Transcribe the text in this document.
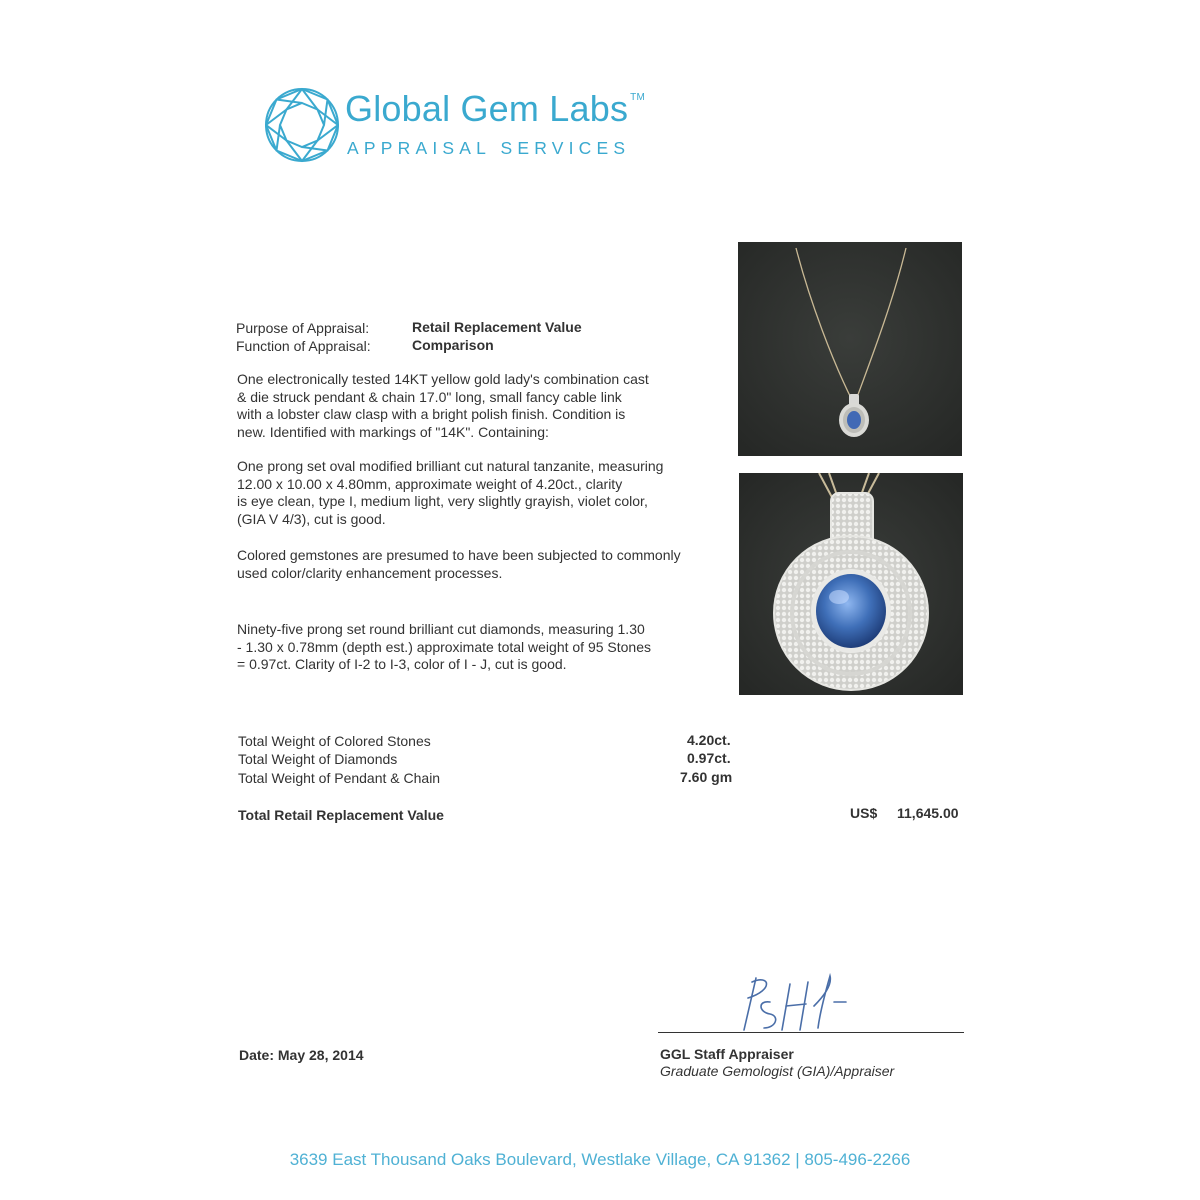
Global Gem Labs ™
APPRAISAL SERVICES
Purpose of Appraisal:	Retail Replacement Value
Function of Appraisal:	Comparison
One electronically tested 14KT yellow gold lady's combination cast
& die struck pendant & chain 17.0" long, small fancy cable link
with a lobster claw clasp with a bright polish finish. Condition is
new. Identified with markings of "14K". Containing:
One prong set oval modified brilliant cut natural tanzanite, measuring
12.00 x 10.00 x 4.80mm, approximate weight of 4.20ct., clarity
is eye clean, type I, medium light, very slightly grayish, violet color,
(GIA V 4/3), cut is good.
Colored gemstones are presumed to have been subjected to commonly
used color/clarity enhancement processes.
Ninety-five prong set round brilliant cut diamonds, measuring 1.30
- 1.30 x 0.78mm (depth est.) approximate total weight of 95 Stones
= 0.97ct. Clarity of I-2 to I-3, color of I - J, cut is good.
Total Weight of Colored Stones	4.20ct.
Total Weight of Diamonds	0.97ct.
Total Weight of Pendant & Chain	7.60 gm
Total Retail Replacement Value	US$ 11,645.00
Date: May 28, 2014	GGL Staff Appraiser
Graduate Gemologist (GIA)/Appraiser
3639 East Thousand Oaks Boulevard, Westlake Village, CA 91362 | 805-496-2266
